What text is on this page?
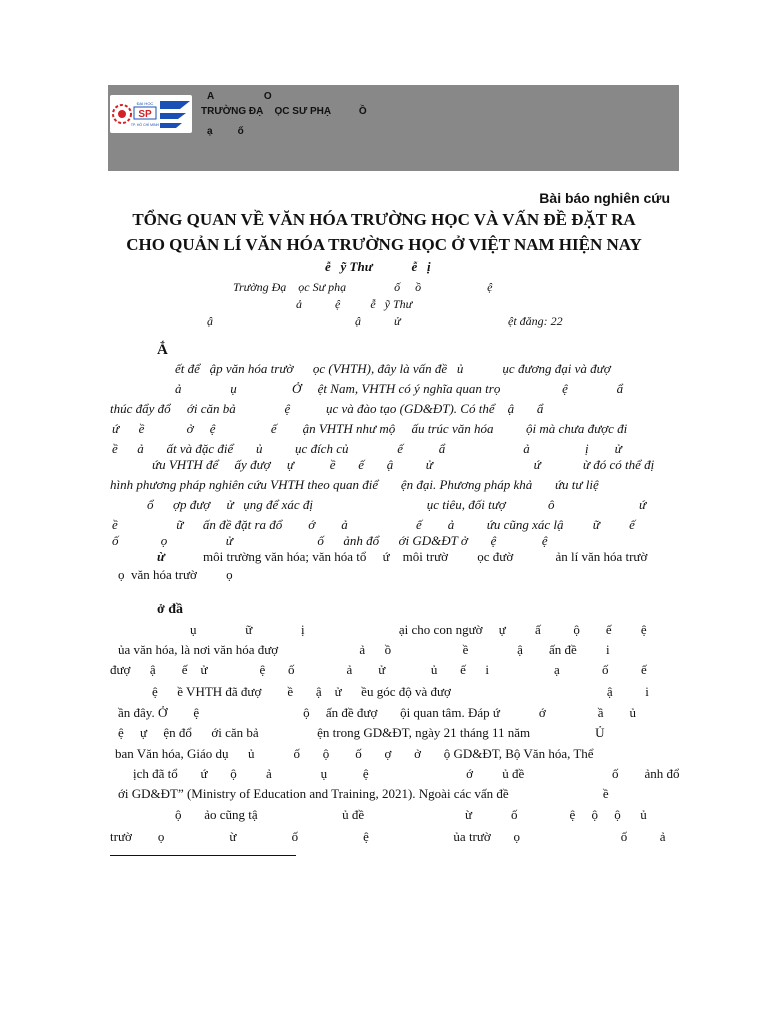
SP
ĐẠI HỌC
TP. HỒ CHÍ MINH
A                  O
TRƯỜNG ĐẠ    ỌC SƯ PHẠ          Ồ
ạ         ố
Bài báo nghiên cứu
TỔNG QUAN VỀ VĂN HÓA TRƯỜNG HỌC VÀ VẤN ĐỀ ĐẶT RA
CHO QUẢN LÍ VĂN HÓA TRƯỜNG HỌC Ở VIỆT NAM HIỆN NAY
ễ   ỹ Thư            ễ   ị
Trường Đạ    ọc Sư phạ                ố     ồ                      ệ
ả           ệ          ễ   ỹ Thư
ậ	ậ           ử	ệt đăng: 22
Ắ
ết để   ập văn hóa trườ      ọc (VHTH), đây là vấn đề   ủ            ục đương đại và đượ
ả               ụ                 Ở     ệt Nam, VHTH có ý nghĩa quan trọ                   ệ               ẩ
thúc đẩy đổ     ới căn bả               ệ           ục và đào tạo (GD&ĐT). Có thể    ậ       ẩ
ứ      ề             ở     ệ                 ế        ận VHTH như mộ     ấu trúc văn hóa          ội mà chưa được đi
ề      ả       ất và đặc điể       ủ          ục đích củ               ế           ẩ                        ả                 ị        ử
ứu VHTH để     ấy đượ     ự           ề       ế       ậ          ử                               ứ             ừ đó có thể đị
hình phương pháp nghiên cứu VHTH theo quan điể       ện đại. Phương pháp khả       ứu tư liệ
ổ      ợp đượ     ử   ụng để xác đị                                   ục tiêu, đối tượ             ô                          ứ
ề                  ữ      ấn đề đặt ra đổ        ớ        ả                     ế        ả          ứu cũng xác lậ         ữ         ế
ố             ọ                  ử                          ố      ảnh đổ      ới GD&ĐT ở       ệ              ệ
ừ	môi trường văn hóa; văn hóa tổ     ứ    môi trườ         ọc đườ             ản lí văn hóa trườ
ọ  văn hóa trườ         ọ
ở đầ
ụ               ữ               ị                             ại cho con ngườ     ự         ấ          ộ        ế         ệ
ủa văn hóa, là nơi văn hóa đượ                         ả      ồ                      ề               ậ        ấn đề         i
đượ      ậ        ế    ử                ệ       ố                ả        ử              ủ       ế      i                    ạ             ố          ế
ệ      ề VHTH đã đượ        ề       ậ    ử      ều góc độ và đượ                                                ậ          i
ần đây. Ở        ệ                                ộ     ấn đề đượ       ội quan tâm. Đáp ứ            ớ                ầ        ủ
ệ     ự     ện đổ      ới căn bả                  ện trong GD&ĐT, ngày 21 tháng 11 năm                    Ủ
ban Văn hóa, Giáo dụ      ủ            ố       ộ        ố       ợ       ở       ộ GD&ĐT, Bộ Văn hóa, Thể
ịch đã tổ       ứ       ộ         ả               ụ           ệ                              ớ         ủ đề                           ố        ảnh đổ
ới GD&ĐT” (Ministry of Education and Training, 2021). Ngoài các vấn đề                             ề
ộ       ảo cũng tậ                          ủ đề                               ừ            ố                ệ     ộ     ộ      ủ
trườ        ọ                    ừ                 ố                    ệ                          ủa trườ       ọ                               ố          ả
